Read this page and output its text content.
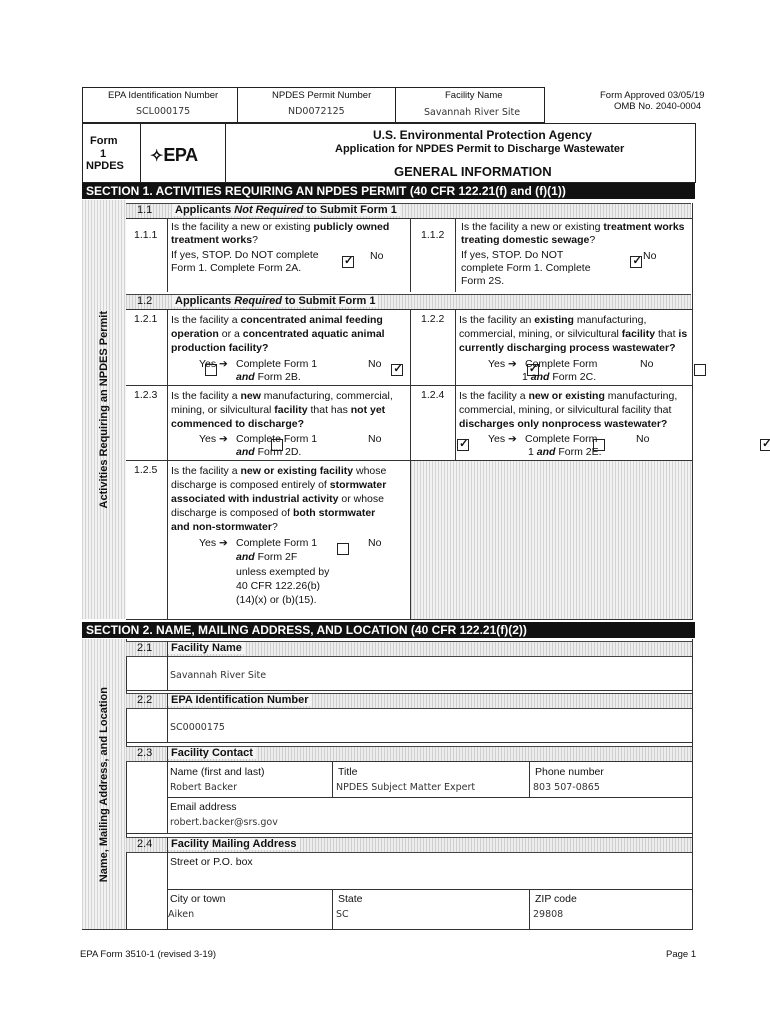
EPA Identification Number
SCL000175
NPDES Permit Number
ND0072125
Facility Name
Savannah River Site
Form Approved 03/05/19
OMB No. 2040-0004
Form
1
NPDES
✧EPA
U.S. Environmental Protection Agency
Application for NPDES Permit to Discharge Wastewater
GENERAL INFORMATION
SECTION 1. ACTIVITIES REQUIRING AN NPDES PERMIT (40 CFR 122.21(f) and (f)(1))
Activities Requiring an NPDES Permit
1.1 Applicants Not Required to Submit Form 1
1.1.1
Is the facility a new or existing publicly owned treatment works?
If yes, STOP. Do NOT complete Form 1. Complete Form 2A.
✓
No
1.1.2
Is the facility a new or existing treatment works treating domestic sewage?
If yes, STOP. Do NOT complete Form 1. Complete Form 2S.
✓
No
1.2 Applicants Required to Submit Form 1
1.2.1 Is the facility a concentrated animal feeding operation or a concentrated aquatic animal production facility?

Yes ➔ Complete Form 1
and Form 2B.
✓
No
1.2.2 Is the facility an existing manufacturing, commercial, mining, or silvicultural facility that is currently discharging process wastewater?
✓
Yes ➔ Complete Form
1 and Form 2C.

No
1.2.3 Is the facility a new manufacturing, commercial, mining, or silvicultural facility that has not yet commenced to discharge?

Yes ➔ Complete Form 1
and Form 2D.
✓
No
1.2.4 Is the facility a new or existing manufacturing, commercial, mining, or silvicultural facility that discharges only nonprocess wastewater?

Yes ➔ Complete Form
1 and Form 2E.
✓
No
1.2.5 Is the facility a new or existing facility whose discharge is composed entirely of stormwater associated with industrial activity or whose discharge is composed of both stormwater and non-stormwater?

Yes ➔ Complete Form 1
and Form 2F
unless exempted by 40 CFR 122.26(b)(14)(x) or (b)(15).
✓
No
SECTION 2. NAME, MAILING ADDRESS, AND LOCATION (40 CFR 122.21(f)(2))
Name, Mailing Address, and Location
2.1 Facility Name
Savannah River Site
2.2 EPA Identification Number
SC0000175
2.3 Facility Contact
Name (first and last)
Robert Backer
Title
NPDES Subject Matter Expert
Phone number
803 507-0865
Email address
robert.backer@srs.gov
2.4 Facility Mailing Address
Street or P.O. box
City or town
Aiken
State
SC
ZIP code
29808
EPA Form 3510-1 (revised 3-19)	Page 1
